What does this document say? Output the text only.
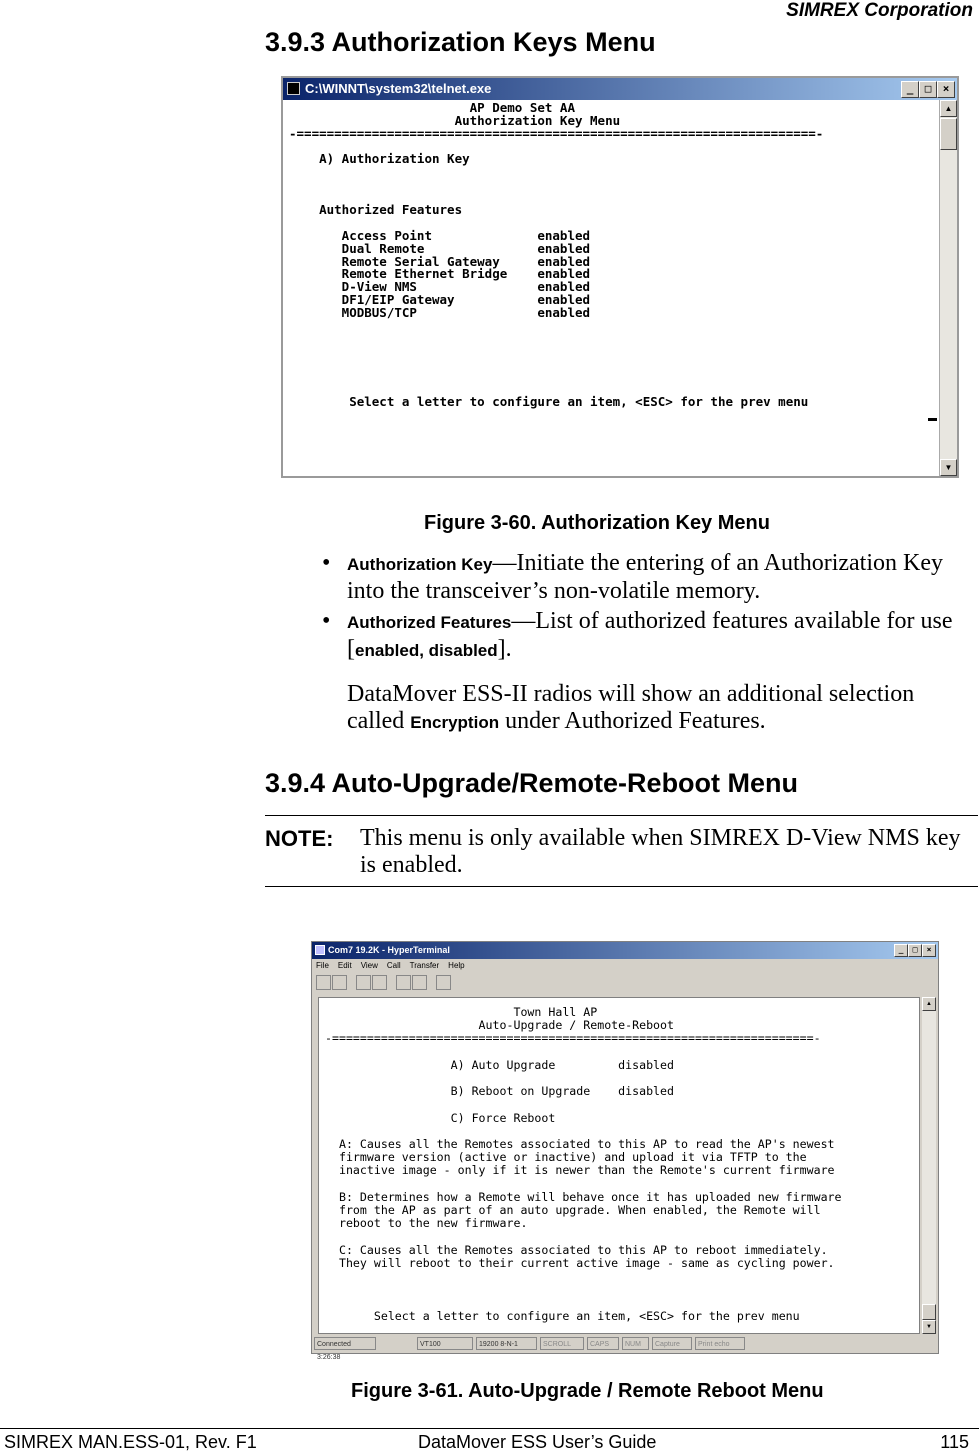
SIMREX Corporation
3.9.3 Authorization Keys Menu
C:\WINNT\system32\telnet.exe	_	□	×
AP Demo Set AA
Authorization Key Menu
-=====================================================================-

A) Authorization Key

Authorized Features

Access Point              enabled
Dual Remote               enabled
Remote Serial Gateway     enabled
Remote Ethernet Bridge    enabled
D-View NMS                enabled
DF1/EIP Gateway           enabled
MODBUS/TCP                enabled

Select a letter to configure an item, <ESC> for the prev menu
▲
▼
Figure 3-60. Authorization Key Menu
• Authorization Key—Initiate the entering of an Authorization Key
into the transceiver’s non-volatile memory.
• Authorized Features—List of authorized features available for use
[enabled, disabled].
DataMover ESS-II radios will show an additional selection
called Encryption under Authorized Features.
3.9.4 Auto-Upgrade/Remote-Reboot Menu
NOTE: This menu is only available when SIMREX D-View NMS key
is enabled.
Com7 19.2K - HyperTerminal	_	□	×
File Edit View Call Transfer Help
Town Hall AP
Auto-Upgrade / Remote-Reboot
-=====================================================================-

A) Auto Upgrade         disabled

B) Reboot on Upgrade    disabled

C) Force Reboot

A: Causes all the Remotes associated to this AP to read the AP's newest
firmware version (active or inactive) and upload it via TFTP to the
inactive image - only if it is newer than the Remote's current firmware

B: Determines how a Remote will behave once it has uploaded new firmware
from the AP as part of an auto upgrade. When enabled, the Remote will
reboot to the new firmware.

C: Causes all the Remotes associated to this AP to reboot immediately.
They will reboot to their current active image - same as cycling power.

Select a letter to configure an item, <ESC> for the prev menu
▲
▼
Connected 3:26:38
VT100	19200 8-N-1	SCROLL	CAPS	NUM	Capture	Print echo
Figure 3-61. Auto-Upgrade / Remote Reboot Menu
SIMREX MAN.ESS-01, Rev. F1	DataMover ESS User’s Guide	115
